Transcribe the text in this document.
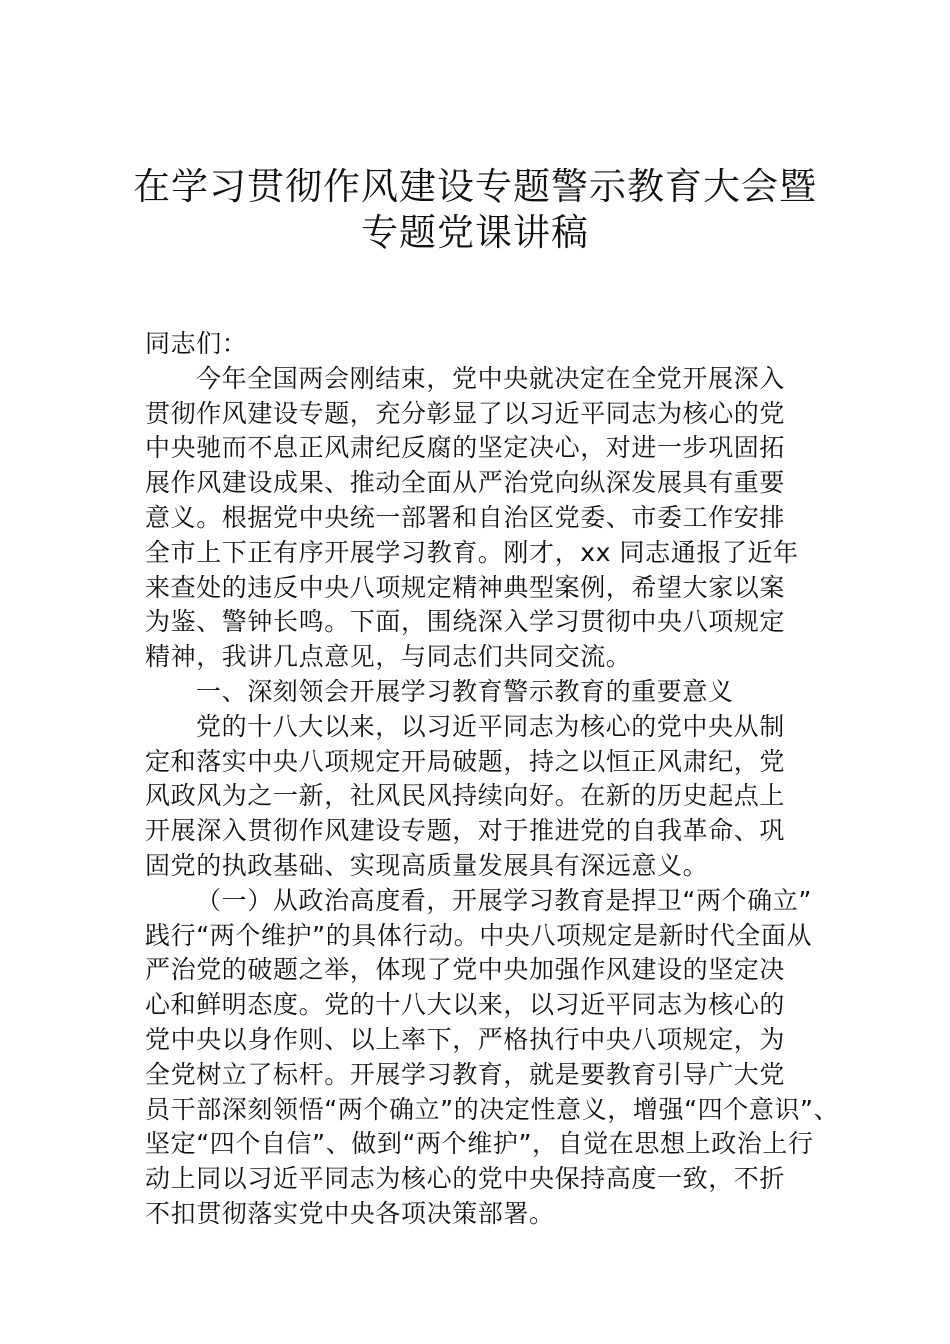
在学习贯彻作风建设专题警示教育大会暨
专题党课讲稿
同志们：
今年全国两会刚结束，党中央就决定在全党开展深入
贯彻作风建设专题，充分彰显了以习近平同志为核心的党
中央驰而不息正风肃纪反腐的坚定决心，对进一步巩固拓
展作风建设成果、推动全面从严治党向纵深发展具有重要
意义。根据党中央统一部署和自治区党委、市委工作安排
全市上下正有序开展学习教育。刚才，xx 同志通报了近年
来查处的违反中央八项规定精神典型案例，希望大家以案
为鉴、警钟长鸣。下面，围绕深入学习贯彻中央八项规定
精神，我讲几点意见，与同志们共同交流。
一、深刻领会开展学习教育警示教育的重要意义
党的十八大以来，以习近平同志为核心的党中央从制
定和落实中央八项规定开局破题，持之以恒正风肃纪，党
风政风为之一新，社风民风持续向好。在新的历史起点上
开展深入贯彻作风建设专题，对于推进党的自我革命、巩
固党的执政基础、实现高质量发展具有深远意义。
（一）从政治高度看，开展学习教育是捍卫“两个确立”
践行“两个维护”的具体行动。中央八项规定是新时代全面从
严治党的破题之举，体现了党中央加强作风建设的坚定决
心和鲜明态度。党的十八大以来，以习近平同志为核心的
党中央以身作则、以上率下，严格执行中央八项规定，为
全党树立了标杆。开展学习教育，就是要教育引导广大党
员干部深刻领悟“两个确立”的决定性意义，增强“四个意识”、
坚定“四个自信”、做到“两个维护”，自觉在思想上政治上行
动上同以习近平同志为核心的党中央保持高度一致，不折
不扣贯彻落实党中央各项决策部署。
